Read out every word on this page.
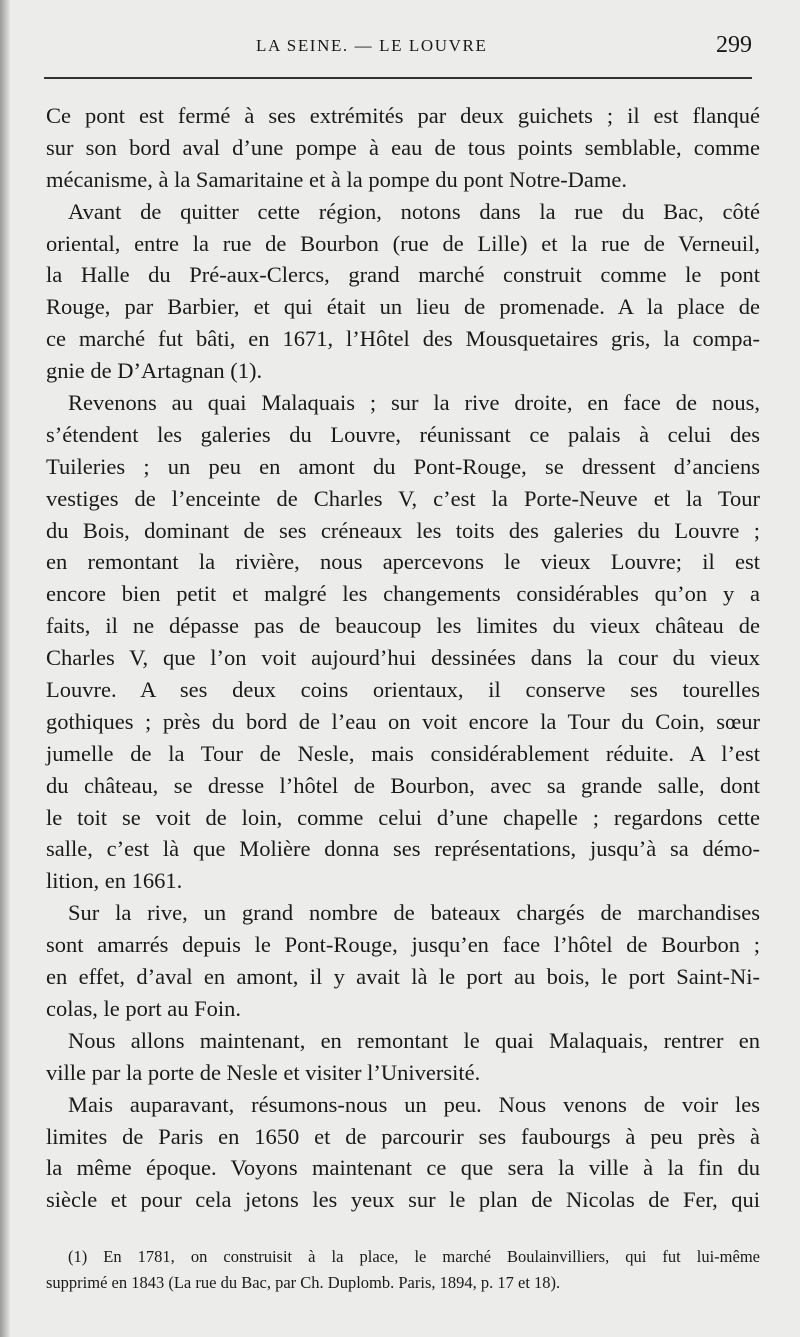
LA SEINE. — LE LOUVRE	299
Ce pont est fermé à ses extrémités par deux guichets ; il est flanqué
sur son bord aval d’une pompe à eau de tous points semblable, comme
mécanisme, à la Samaritaine et à la pompe du pont Notre-Dame.
Avant de quitter cette région, notons dans la rue du Bac, côté
oriental, entre la rue de Bourbon (rue de Lille) et la rue de Verneuil,
la Halle du Pré-aux-Clercs, grand marché construit comme le pont
Rouge, par Barbier, et qui était un lieu de promenade. A la place de
ce marché fut bâti, en 1671, l’Hôtel des Mousquetaires gris, la compa-
gnie de D’Artagnan (1).
Revenons au quai Malaquais ; sur la rive droite, en face de nous,
s’étendent les galeries du Louvre, réunissant ce palais à celui des
Tuileries ; un peu en amont du Pont-Rouge, se dressent d’anciens
vestiges de l’enceinte de Charles V, c’est la Porte-Neuve et la Tour
du Bois, dominant de ses créneaux les toits des galeries du Louvre ;
en remontant la rivière, nous apercevons le vieux Louvre; il est
encore bien petit et malgré les changements considérables qu’on y a
faits, il ne dépasse pas de beaucoup les limites du vieux château de
Charles V, que l’on voit aujourd’hui dessinées dans la cour du vieux
Louvre. A ses deux coins orientaux, il conserve ses tourelles
gothiques ; près du bord de l’eau on voit encore la Tour du Coin, sœur
jumelle de la Tour de Nesle, mais considérablement réduite. A l’est
du château, se dresse l’hôtel de Bourbon, avec sa grande salle, dont
le toit se voit de loin, comme celui d’une chapelle ; regardons cette
salle, c’est là que Molière donna ses représentations, jusqu’à sa démo-
lition, en 1661.
Sur la rive, un grand nombre de bateaux chargés de marchandises
sont amarrés depuis le Pont-Rouge, jusqu’en face l’hôtel de Bourbon ;
en effet, d’aval en amont, il y avait là le port au bois, le port Saint-Ni-
colas, le port au Foin.
Nous allons maintenant, en remontant le quai Malaquais, rentrer en
ville par la porte de Nesle et visiter l’Université.
Mais auparavant, résumons-nous un peu. Nous venons de voir les
limites de Paris en 1650 et de parcourir ses faubourgs à peu près à
la même époque. Voyons maintenant ce que sera la ville à la fin du
siècle et pour cela jetons les yeux sur le plan de Nicolas de Fer, qui
(1) En 1781, on construisit à la place, le marché Boulainvilliers, qui fut lui-même
supprimé en 1843 (La rue du Bac, par Ch. Duplomb. Paris, 1894, p. 17 et 18).
